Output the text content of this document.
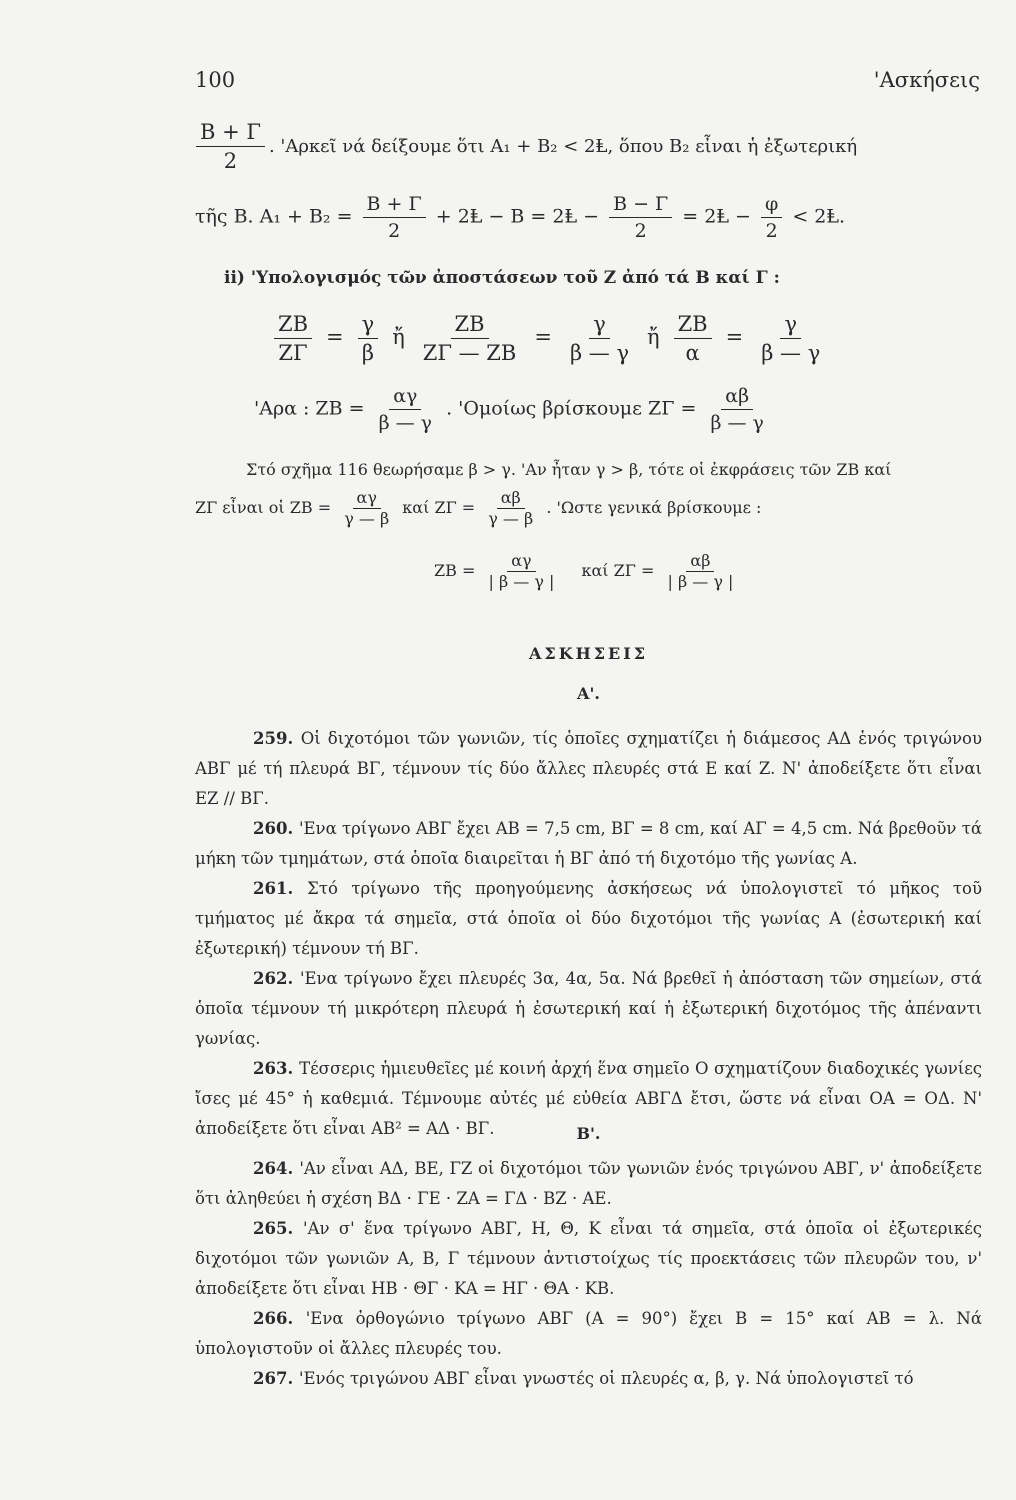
100	'Ασκήσεις
$\frac{B + \Gamma}{2}$ . 'Αρκεῖ νά δείξουμε ὅτι A₁ + B₂ < 2Ⱡ, ὅπου B₂ εἶναι ἡ ἐξωτερική
τῆς B. $A_1 + B_2 = \frac{B + \Gamma}{2}$ + 2Ⱡ − B = 2Ⱡ − $\frac{B - \Gamma}{2}$ = 2Ⱡ − $\frac{\varphi}{2}$ < 2Ⱡ.
ii) 'Υπολογισμός τῶν ἀποστάσεων τοῦ Z ἀπό τά B καί Γ :
$\frac{ZB}{Z\Gamma} = \frac{\gamma}{\beta}$ ἤ $\frac{ZB}{Z\Gamma — ZB} = \frac{\gamma}{\beta — \gamma}$ ἤ $\frac{ZB}{\alpha} = \frac{\gamma}{\beta — \gamma}$
'Αρα : ZB = $\frac{\alpha\gamma}{\beta — \gamma}$ . 'Ομοίως βρίσκουμε $Z\Gamma = \frac{\alpha\beta}{\beta — \gamma}$
Στό σχῆμα 116 θεωρήσαμε β > γ. 'Αν ἦταν γ > β, τότε οἱ ἐκφράσεις τῶν ZB καί
ZΓ εἶναι οἱ ZB = $\frac{\alpha\gamma}{\gamma — \beta}$ καί $Z\Gamma = \frac{\alpha\beta}{\gamma — \beta}$ . 'Ωστε γενικά βρίσκουμε :
ZB = $\frac{\alpha\gamma}{| \beta — \gamma |}$ καί $Z\Gamma = \frac{\alpha\beta}{| \beta — \gamma |}$
ΑΣΚΗΣΕΙΣ
A'.

259. Οἱ διχοτόμοι τῶν γωνιῶν, τίς ὁποῖες σχηματίζει ἡ διάμεσος AΔ ἑνός τριγώνου ABΓ μέ τή πλευρά BΓ, τέμνουν τίς δύο ἄλλες πλευρές στά E καί Z. N' ἀποδείξετε ὅτι εἶναι EZ // BΓ.

260. 'Ενα τρίγωνο ABΓ ἔχει AB = 7,5 cm, BΓ = 8 cm, καί AΓ = 4,5 cm. Νά βρεθοῦν τά μήκη τῶν τμημάτων, στά ὁποῖα διαιρεῖται ἡ BΓ ἀπό τή διχοτόμο τῆς γωνίας A.

261. Στό τρίγωνο τῆς προηγούμενης ἀσκήσεως νά ὑπολογιστεῖ τό μῆκος τοῦ τμήματος μέ ἄκρα τά σημεῖα, στά ὁποῖα οἱ δύο διχοτόμοι τῆς γωνίας A (ἐσωτερική καί ἐξωτερική) τέμνουν τή BΓ.

262. 'Ενα τρίγωνο ἔχει πλευρές 3α, 4α, 5α. Νά βρεθεῖ ἡ ἀπόσταση τῶν σημείων, στά ὁποῖα τέμνουν τή μικρότερη πλευρά ἡ ἐσωτερική καί ἡ ἐξωτερική διχοτόμος τῆς ἀπέναντι γωνίας.

263. Τέσσερις ἡμιευθεῖες μέ κοινή ἀρχή ἕνα σημεῖο O σχηματίζουν διαδοχικές γωνίες ἴσες μέ 45° ἡ καθεμιά. Τέμνουμε αὐτές μέ εὐθεία ABΓΔ ἔτσι, ὥστε νά εἶναι OA = OΔ. N' ἀποδείξετε ὅτι εἶναι AB² = AΔ · BΓ.	B'.

264. 'Αν εἶναι AΔ, BE, ΓZ οἱ διχοτόμοι τῶν γωνιῶν ἑνός τριγώνου ABΓ, ν' ἀποδείξετε ὅτι ἀληθεύει ἡ σχέση BΔ · ΓE · ZA = ΓΔ · BZ · AE.

265. 'Αν σ' ἕνα τρίγωνο ABΓ, H, Θ, K εἶναι τά σημεῖα, στά ὁποῖα οἱ ἐξωτερικές διχοτόμοι τῶν γωνιῶν A, B, Γ τέμνουν ἀντιστοίχως τίς προεκτάσεις τῶν πλευρῶν του, ν' ἀποδείξετε ὅτι εἶναι HB · ΘΓ · KA = HΓ · ΘA · KB.

266. 'Ενα ὀρθογώνιο τρίγωνο ABΓ (A = 90°) ἔχει B = 15° καί AB = λ. Νά ὑπολογιστοῦν οἱ ἄλλες πλευρές του.

267. 'Ενός τριγώνου ABΓ εἶναι γνωστές οἱ πλευρές α, β, γ. Νά ὑπολογιστεῖ τό
